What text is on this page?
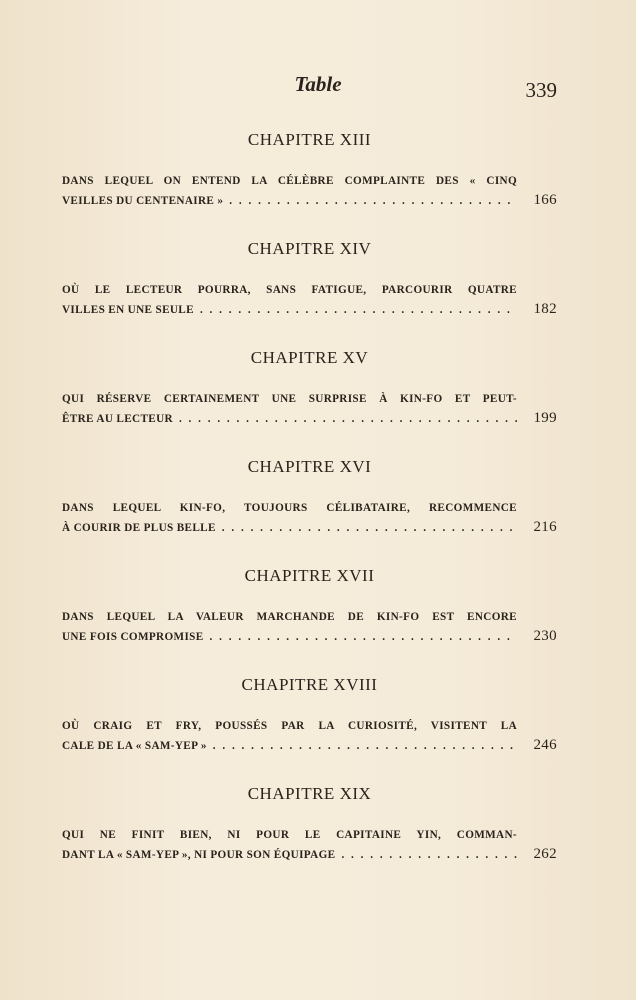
Table	339
CHAPITRE XIII
DANS LEQUEL ON ENTEND LA CÉLÈBRE COMPLAINTE DES « CINQ
VEILLES DU CENTENAIRE » . . .	166
CHAPITRE XIV
OÙ LE LECTEUR POURRA, SANS FATIGUE, PARCOURIR QUATRE
VILLES EN UNE SEULE . . .	182
CHAPITRE XV
QUI RÉSERVE CERTAINEMENT UNE SURPRISE À KIN-FO ET PEUT-
ÊTRE AU LECTEUR . . .	199
CHAPITRE XVI
DANS LEQUEL KIN-FO, TOUJOURS CÉLIBATAIRE, RECOMMENCE
À COURIR DE PLUS BELLE . . .	216
CHAPITRE XVII
DANS LEQUEL LA VALEUR MARCHANDE DE KIN-FO EST ENCORE
UNE FOIS COMPROMISE . . .	230
CHAPITRE XVIII
OÙ CRAIG ET FRY, POUSSÉS PAR LA CURIOSITÉ, VISITENT LA
CALE DE LA « SAM-YEP » . . .	246
CHAPITRE XIX
QUI NE FINIT BIEN, NI POUR LE CAPITAINE YIN, COMMAN-
DANT LA « SAM-YEP », NI POUR SON ÉQUIPAGE . . .	262
